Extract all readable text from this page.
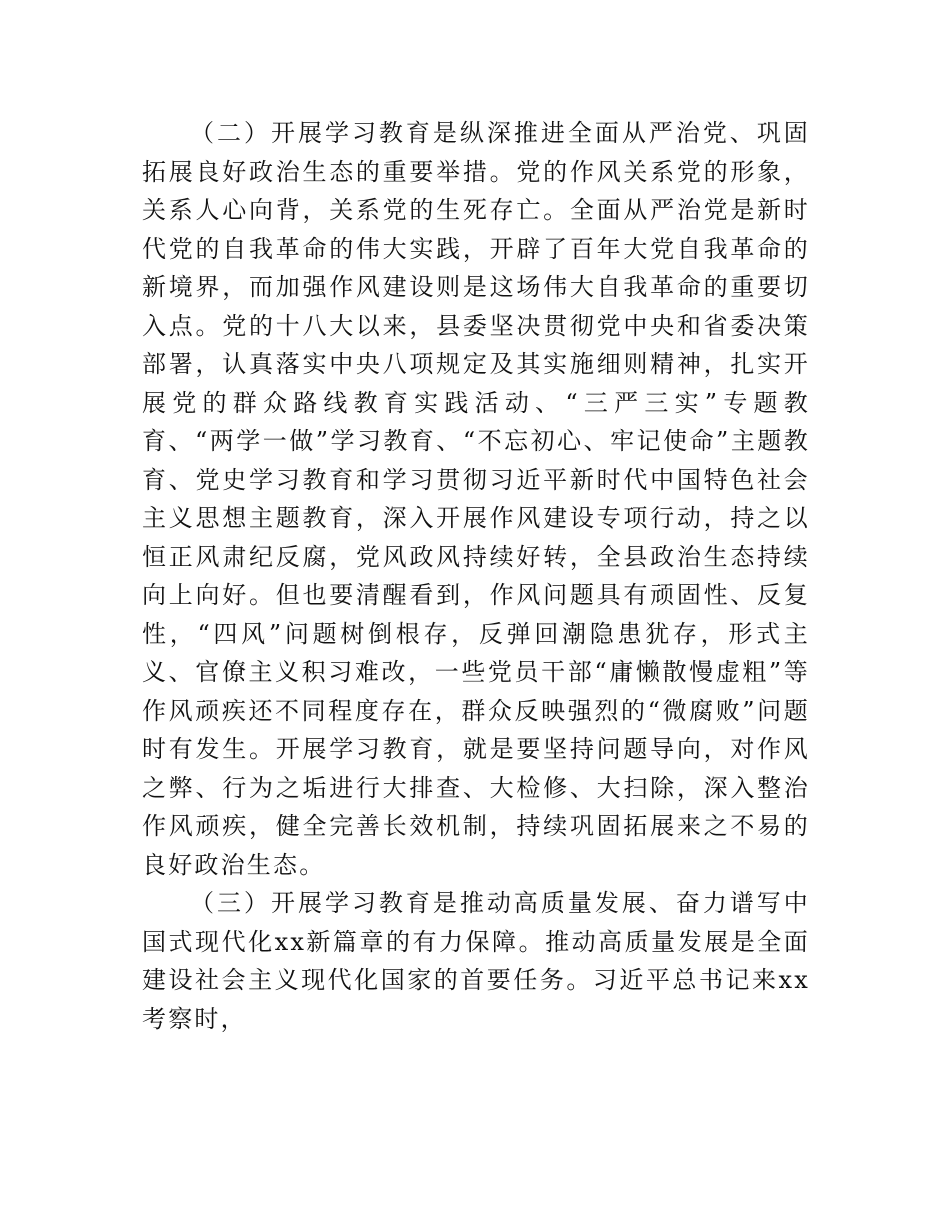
（二）开展学习教育是纵深推进全面从严治党、巩固拓展良好政治生态的重要举措。党的作风关系党的形象，关系人心向背，关系党的生死存亡。全面从严治党是新时代党的自我革命的伟大实践，开辟了百年大党自我革命的新境界，而加强作风建设则是这场伟大自我革命的重要切入点。党的十八大以来，县委坚决贯彻党中央和省委决策部署，认真落实中央八项规定及其实施细则精神，扎实开展党的群众路线教育实践活动、“三严三实”专题教育、“两学一做”学习教育、“不忘初心、牢记使命”主题教育、党史学习教育和学习贯彻习近平新时代中国特色社会主义思想主题教育，深入开展作风建设专项行动，持之以恒正风肃纪反腐，党风政风持续好转，全县政治生态持续向上向好。但也要清醒看到，作风问题具有顽固性、反复性，“四风”问题树倒根存，反弹回潮隐患犹存，形式主义、官僚主义积习难改，一些党员干部“庸懒散慢虚粗”等作风顽疾还不同程度存在，群众反映强烈的“微腐败”问题时有发生。开展学习教育，就是要坚持问题导向，对作风之弊、行为之垢进行大排查、大检修、大扫除，深入整治作风顽疾，健全完善长效机制，持续巩固拓展来之不易的良好政治生态。

（三）开展学习教育是推动高质量发展、奋力谱写中国式现代化xx新篇章的有力保障。推动高质量发展是全面建设社会主义现代化国家的首要任务。习近平总书记来xx考察时，
